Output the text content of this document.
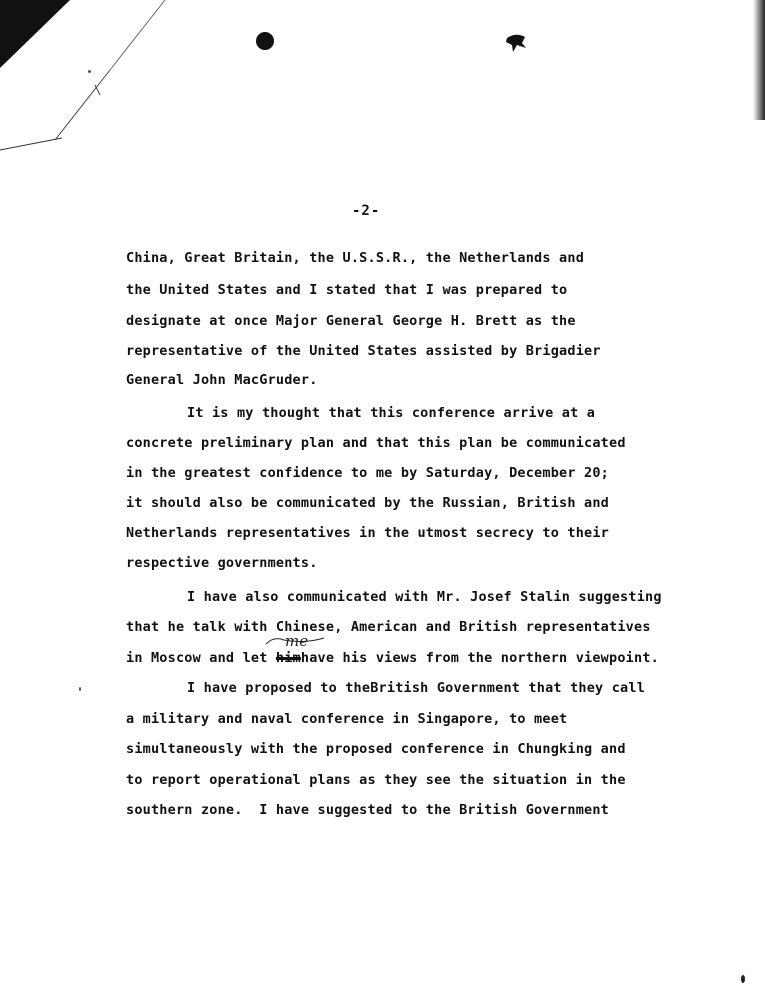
-2-
China, Great Britain, the U.S.S.R., the Netherlands and
the United States and I stated that I was prepared to
designate at once Major General George H. Brett as the
representative of the United States assisted by Brigadier
General John MacGruder.
It is my thought that this conference arrive at a
concrete preliminary plan and that this plan be communicated
in the greatest confidence to me by Saturday, December 20;
it should also be communicated by the Russian, British and
Netherlands representatives in the utmost secrecy to their
respective governments.
I have also communicated with Mr. Josef Stalin suggesting
that he talk with Chinese, American and British representatives
in Moscow and let himhave his views from the northern viewpoint.
me
I have proposed to theBritish Government that they call
a military and naval conference in Singapore, to meet
simultaneously with the proposed conference in Chungking and
to report operational plans as they see the situation in the
southern zone.  I have suggested to the British Government
